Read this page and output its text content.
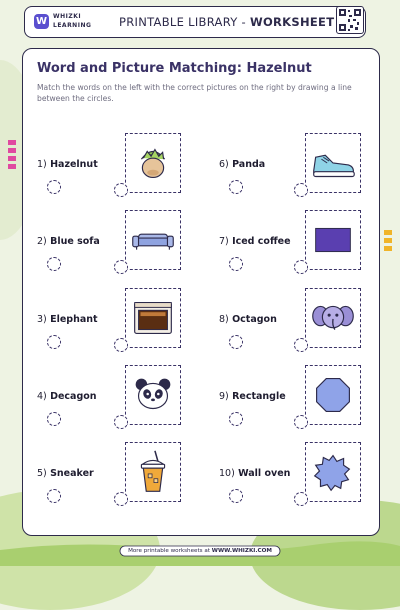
W WHIZKI
LEARNING PRINTABLE LIBRARY - WORKSHEET
Word and Picture Matching: Hazelnut
Match the words on the left with the correct pictures on the right by drawing a line between the circles.
1) Hazelnut	6) Panda
2) Blue sofa	7) Iced coffee
3) Elephant	8) Octagon
4) Decagon	9) Rectangle
5) Sneaker	10) Wall oven
More printable worksheets at WWW.WHIZKI.COM
